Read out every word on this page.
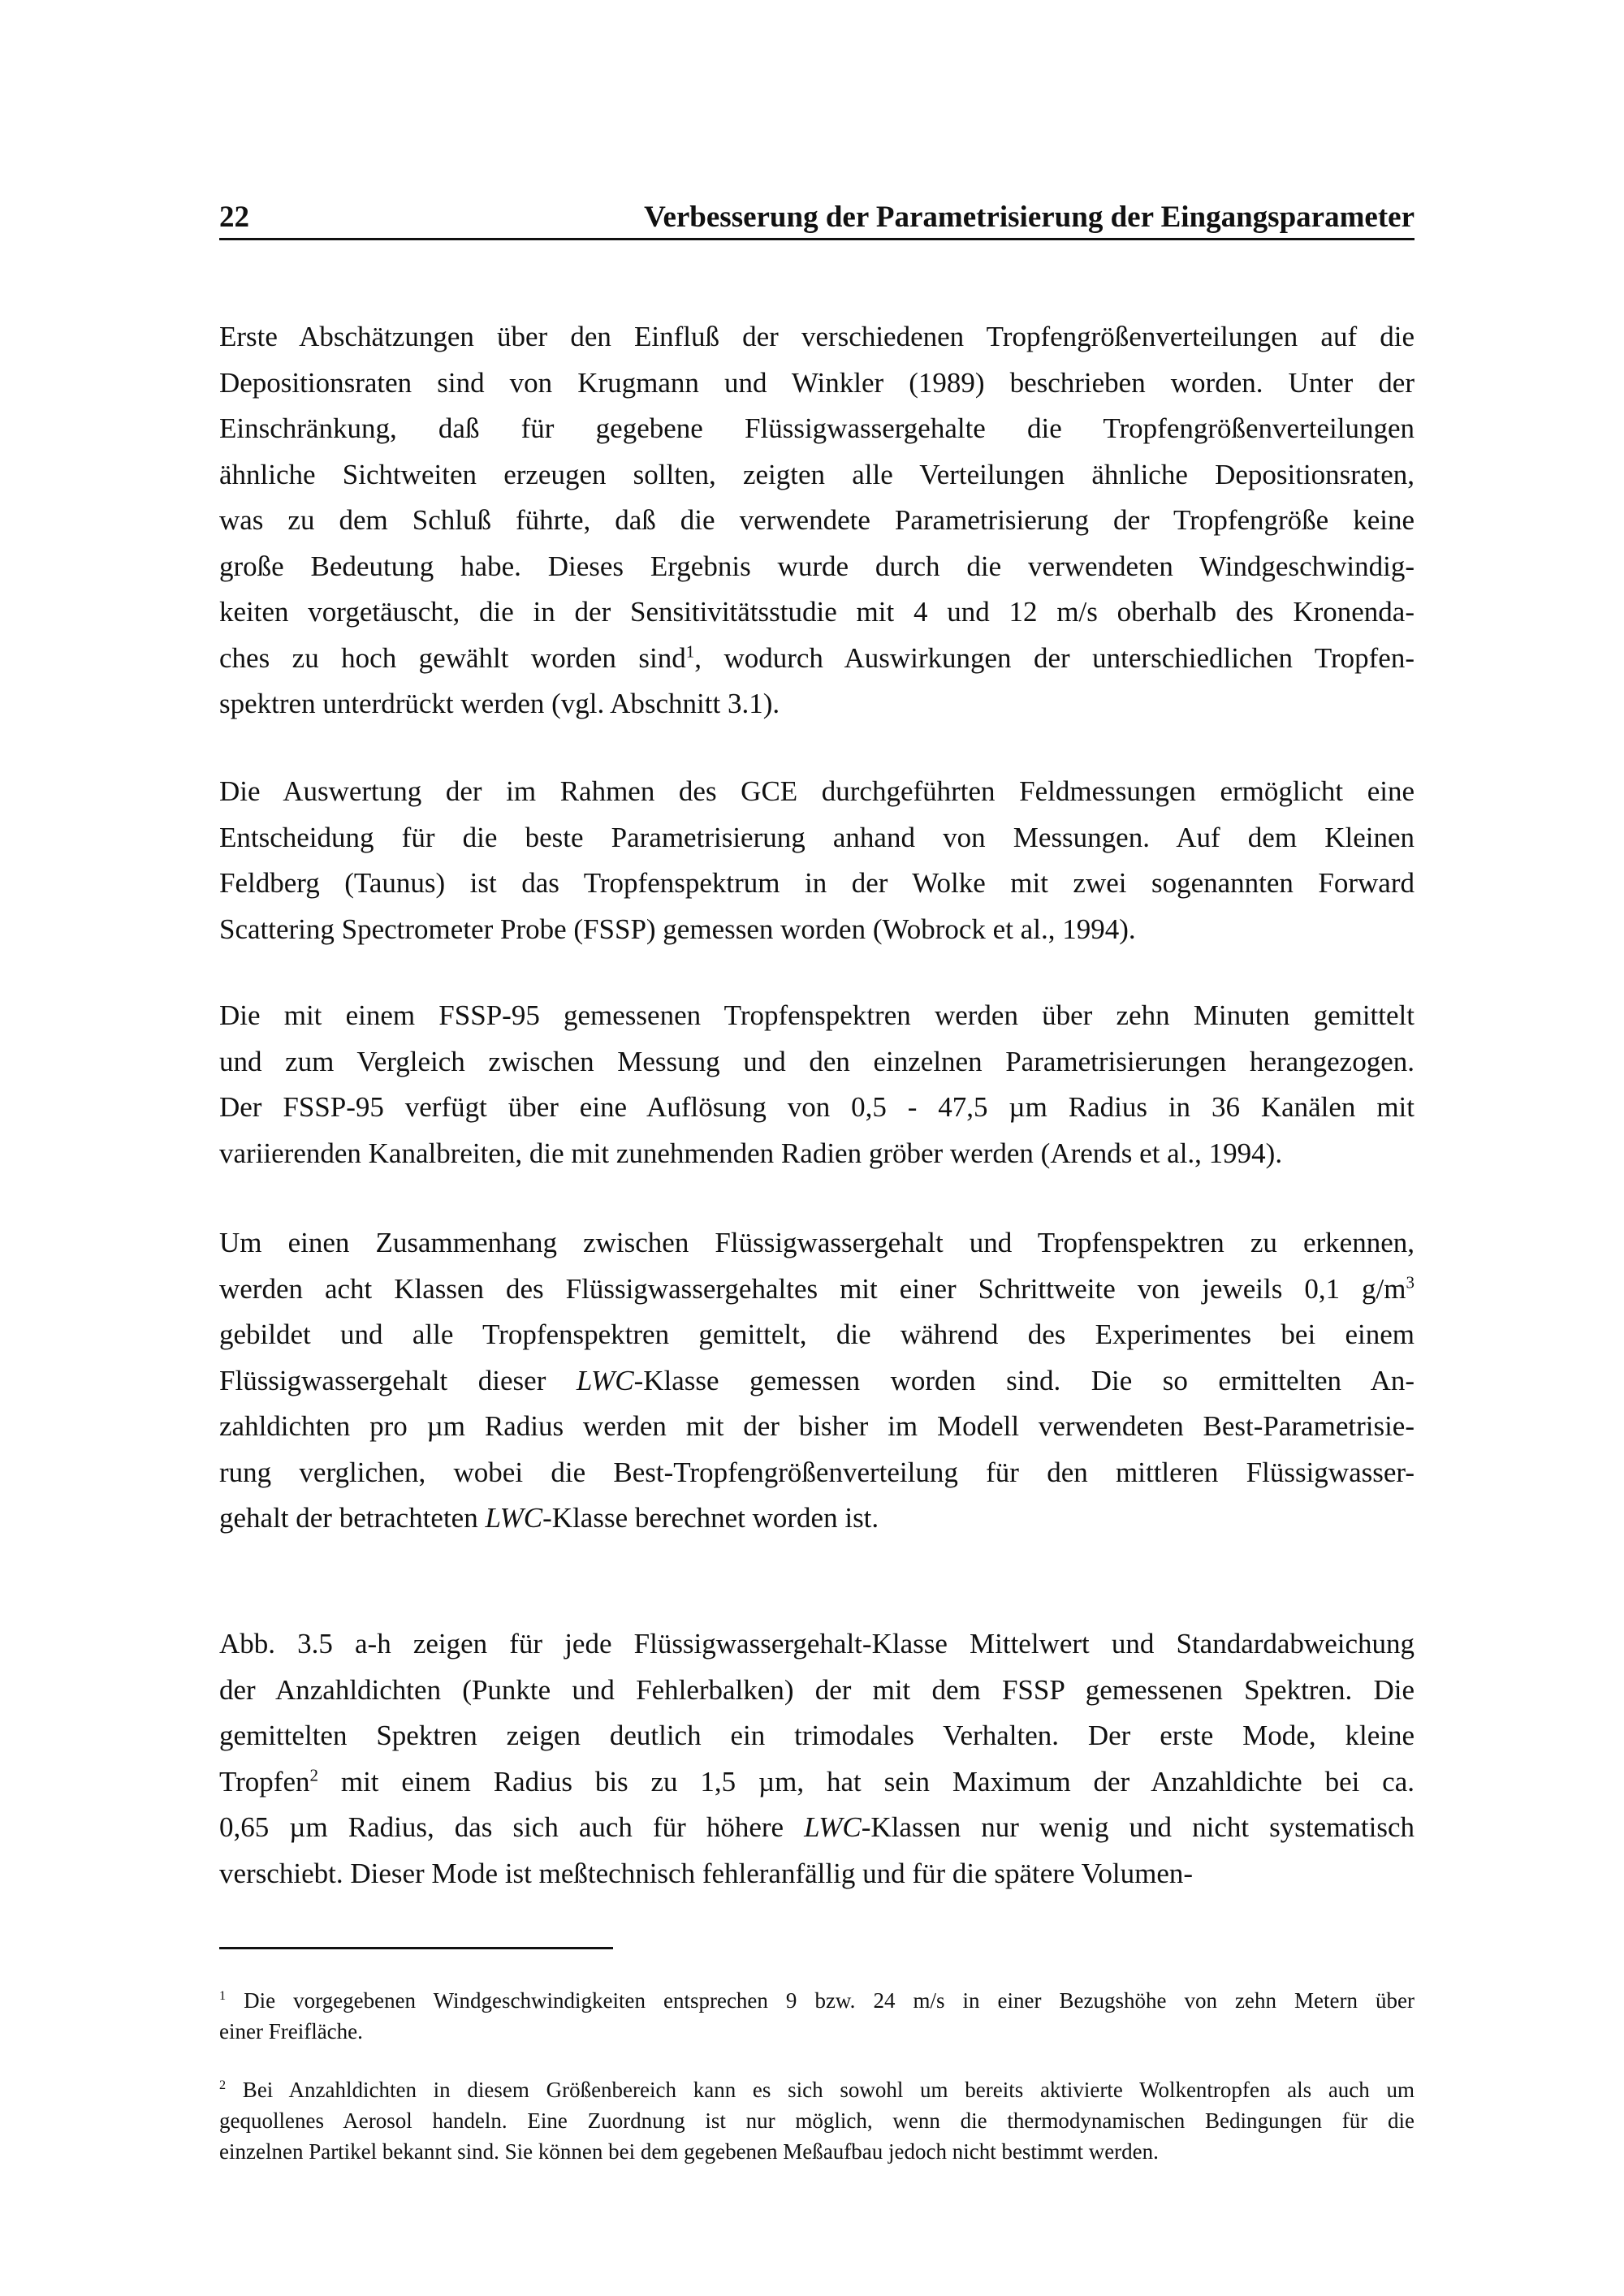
22	Verbesserung der Parametrisierung der Eingangsparameter
Erste Abschätzungen über den Einfluß der verschiedenen Tropfengrößenverteilungen auf die
Depositionsraten sind von Krugmann und Winkler (1989) beschrieben worden. Unter der
Einschränkung, daß für gegebene Flüssigwassergehalte die Tropfengrößenverteilungen
ähnliche Sichtweiten erzeugen sollten, zeigten alle Verteilungen ähnliche Depositionsraten,
was zu dem Schluß führte, daß die verwendete Parametrisierung der Tropfengröße keine
große Bedeutung habe. Dieses Ergebnis wurde durch die verwendeten Windgeschwindig-
keiten vorgetäuscht, die in der Sensitivitätsstudie mit 4 und 12 m/s oberhalb des Kronenda-
ches zu hoch gewählt worden sind$^1$, wodurch Auswirkungen der unterschiedlichen Tropfen-
spektren unterdrückt werden (vgl. Abschnitt 3.1).
Die Auswertung der im Rahmen des GCE durchgeführten Feldmessungen ermöglicht eine
Entscheidung für die beste Parametrisierung anhand von Messungen. Auf dem Kleinen
Feldberg (Taunus) ist das Tropfenspektrum in der Wolke mit zwei sogenannten Forward
Scattering Spectrometer Probe (FSSP) gemessen worden (Wobrock et al., 1994).
Die mit einem FSSP-95 gemessenen Tropfenspektren werden über zehn Minuten gemittelt
und zum Vergleich zwischen Messung und den einzelnen Parametrisierungen herangezogen.
Der FSSP-95 verfügt über eine Auflösung von 0,5 - 47,5 µm Radius in 36 Kanälen mit
variierenden Kanalbreiten, die mit zunehmenden Radien gröber werden (Arends et al., 1994).
Um einen Zusammenhang zwischen Flüssigwassergehalt und Tropfenspektren zu erkennen,
werden acht Klassen des Flüssigwassergehaltes mit einer Schrittweite von jeweils 0,1 $g/m^3$
gebildet und alle Tropfenspektren gemittelt, die während des Experimentes bei einem
Flüssigwassergehalt dieser LWC-Klasse gemessen worden sind. Die so ermittelten An-
zahldichten pro µm Radius werden mit der bisher im Modell verwendeten Best-Parametrisie-
rung verglichen, wobei die Best-Tropfengrößenverteilung für den mittleren Flüssigwasser-
gehalt der betrachteten LWC-Klasse berechnet worden ist.
Abb. 3.5 a-h zeigen für jede Flüssigwassergehalt-Klasse Mittelwert und Standardabweichung
der Anzahldichten (Punkte und Fehlerbalken) der mit dem FSSP gemessenen Spektren. Die
gemittelten Spektren zeigen deutlich ein trimodales Verhalten. Der erste Mode, kleine
Tropfen$^2$ mit einem Radius bis zu 1,5 µm, hat sein Maximum der Anzahldichte bei ca.
0,65 µm Radius, das sich auch für höhere LWC-Klassen nur wenig und nicht systematisch
verschiebt. Dieser Mode ist meßtechnisch fehleranfällig und für die spätere Volumen-
$^1$ Die vorgegebenen Windgeschwindigkeiten entsprechen 9 bzw. 24 m/s in einer Bezugshöhe von zehn Metern über
einer Freifläche.
$^2$ Bei Anzahldichten in diesem Größenbereich kann es sich sowohl um bereits aktivierte Wolkentropfen als auch um
gequollenes Aerosol handeln. Eine Zuordnung ist nur möglich, wenn die thermodynamischen Bedingungen für die
einzelnen Partikel bekannt sind. Sie können bei dem gegebenen Meßaufbau jedoch nicht bestimmt werden.
